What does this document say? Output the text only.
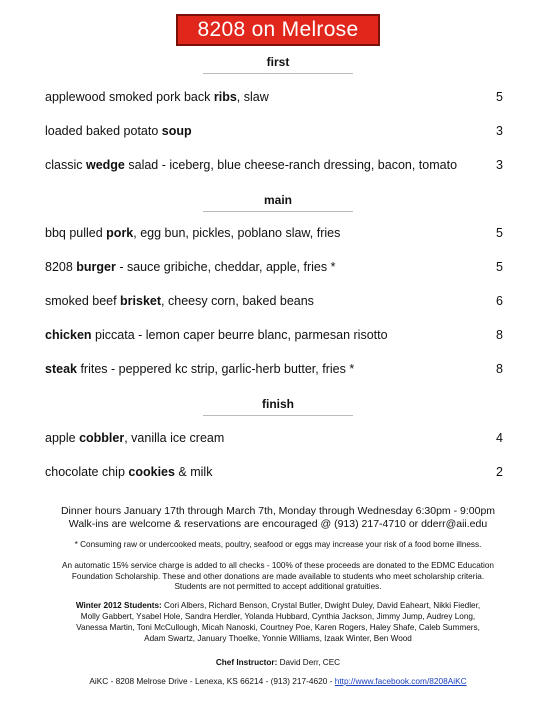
8208 on Melrose
first
applewood smoked pork back ribs, slaw	5
loaded baked potato soup	3
classic wedge salad - iceberg, blue cheese-ranch dressing, bacon, tomato	3
main
bbq pulled pork, egg bun, pickles, poblano slaw, fries	5
8208 burger - sauce gribiche, cheddar, apple, fries *	5
smoked beef brisket, cheesy corn, baked beans	6
chicken piccata - lemon caper beurre blanc, parmesan risotto	8
steak frites - peppered kc strip, garlic-herb butter, fries *	8
finish
apple cobbler, vanilla ice cream	4
chocolate chip cookies & milk	2
Dinner hours January 17th through March 7th, Monday through Wednesday 6:30pm - 9:00pm
Walk-ins are welcome & reservations are encouraged @ (913) 217-4710 or dderr@aii.edu
* Consuming raw or undercooked meats, poultry, seafood or eggs may increase your risk of a food borne illness.
An automatic 15% service charge is added to all checks - 100% of these proceeds are donated to the EDMC Education
Foundation Scholarship. These and other donations are made available to students who meet scholarship criteria.
Students are not permitted to accept additional gratuities.
Winter 2012 Students: Cori Albers, Richard Benson, Crystal Butler, Dwight Duley, David Eaheart, Nikki Fiedler,
Molly Gabbert, Ysabel Hole, Sandra Herdler, Yolanda Hubbard, Cynthia Jackson, Jimmy Jump, Audrey Long,
Vanessa Martin, Toni McCullough, Micah Nanoski, Courtney Poe, Karen Rogers, Haley Shafe, Caleb Summers,
Adam Swartz, January Thoelke, Yonnie Williams, Izaak Winter, Ben Wood
Chef Instructor: David Derr, CEC
AiKC - 8208 Melrose Drive - Lenexa, KS 66214 - (913) 217-4620 - http://www.facebook.com/8208AiKC
